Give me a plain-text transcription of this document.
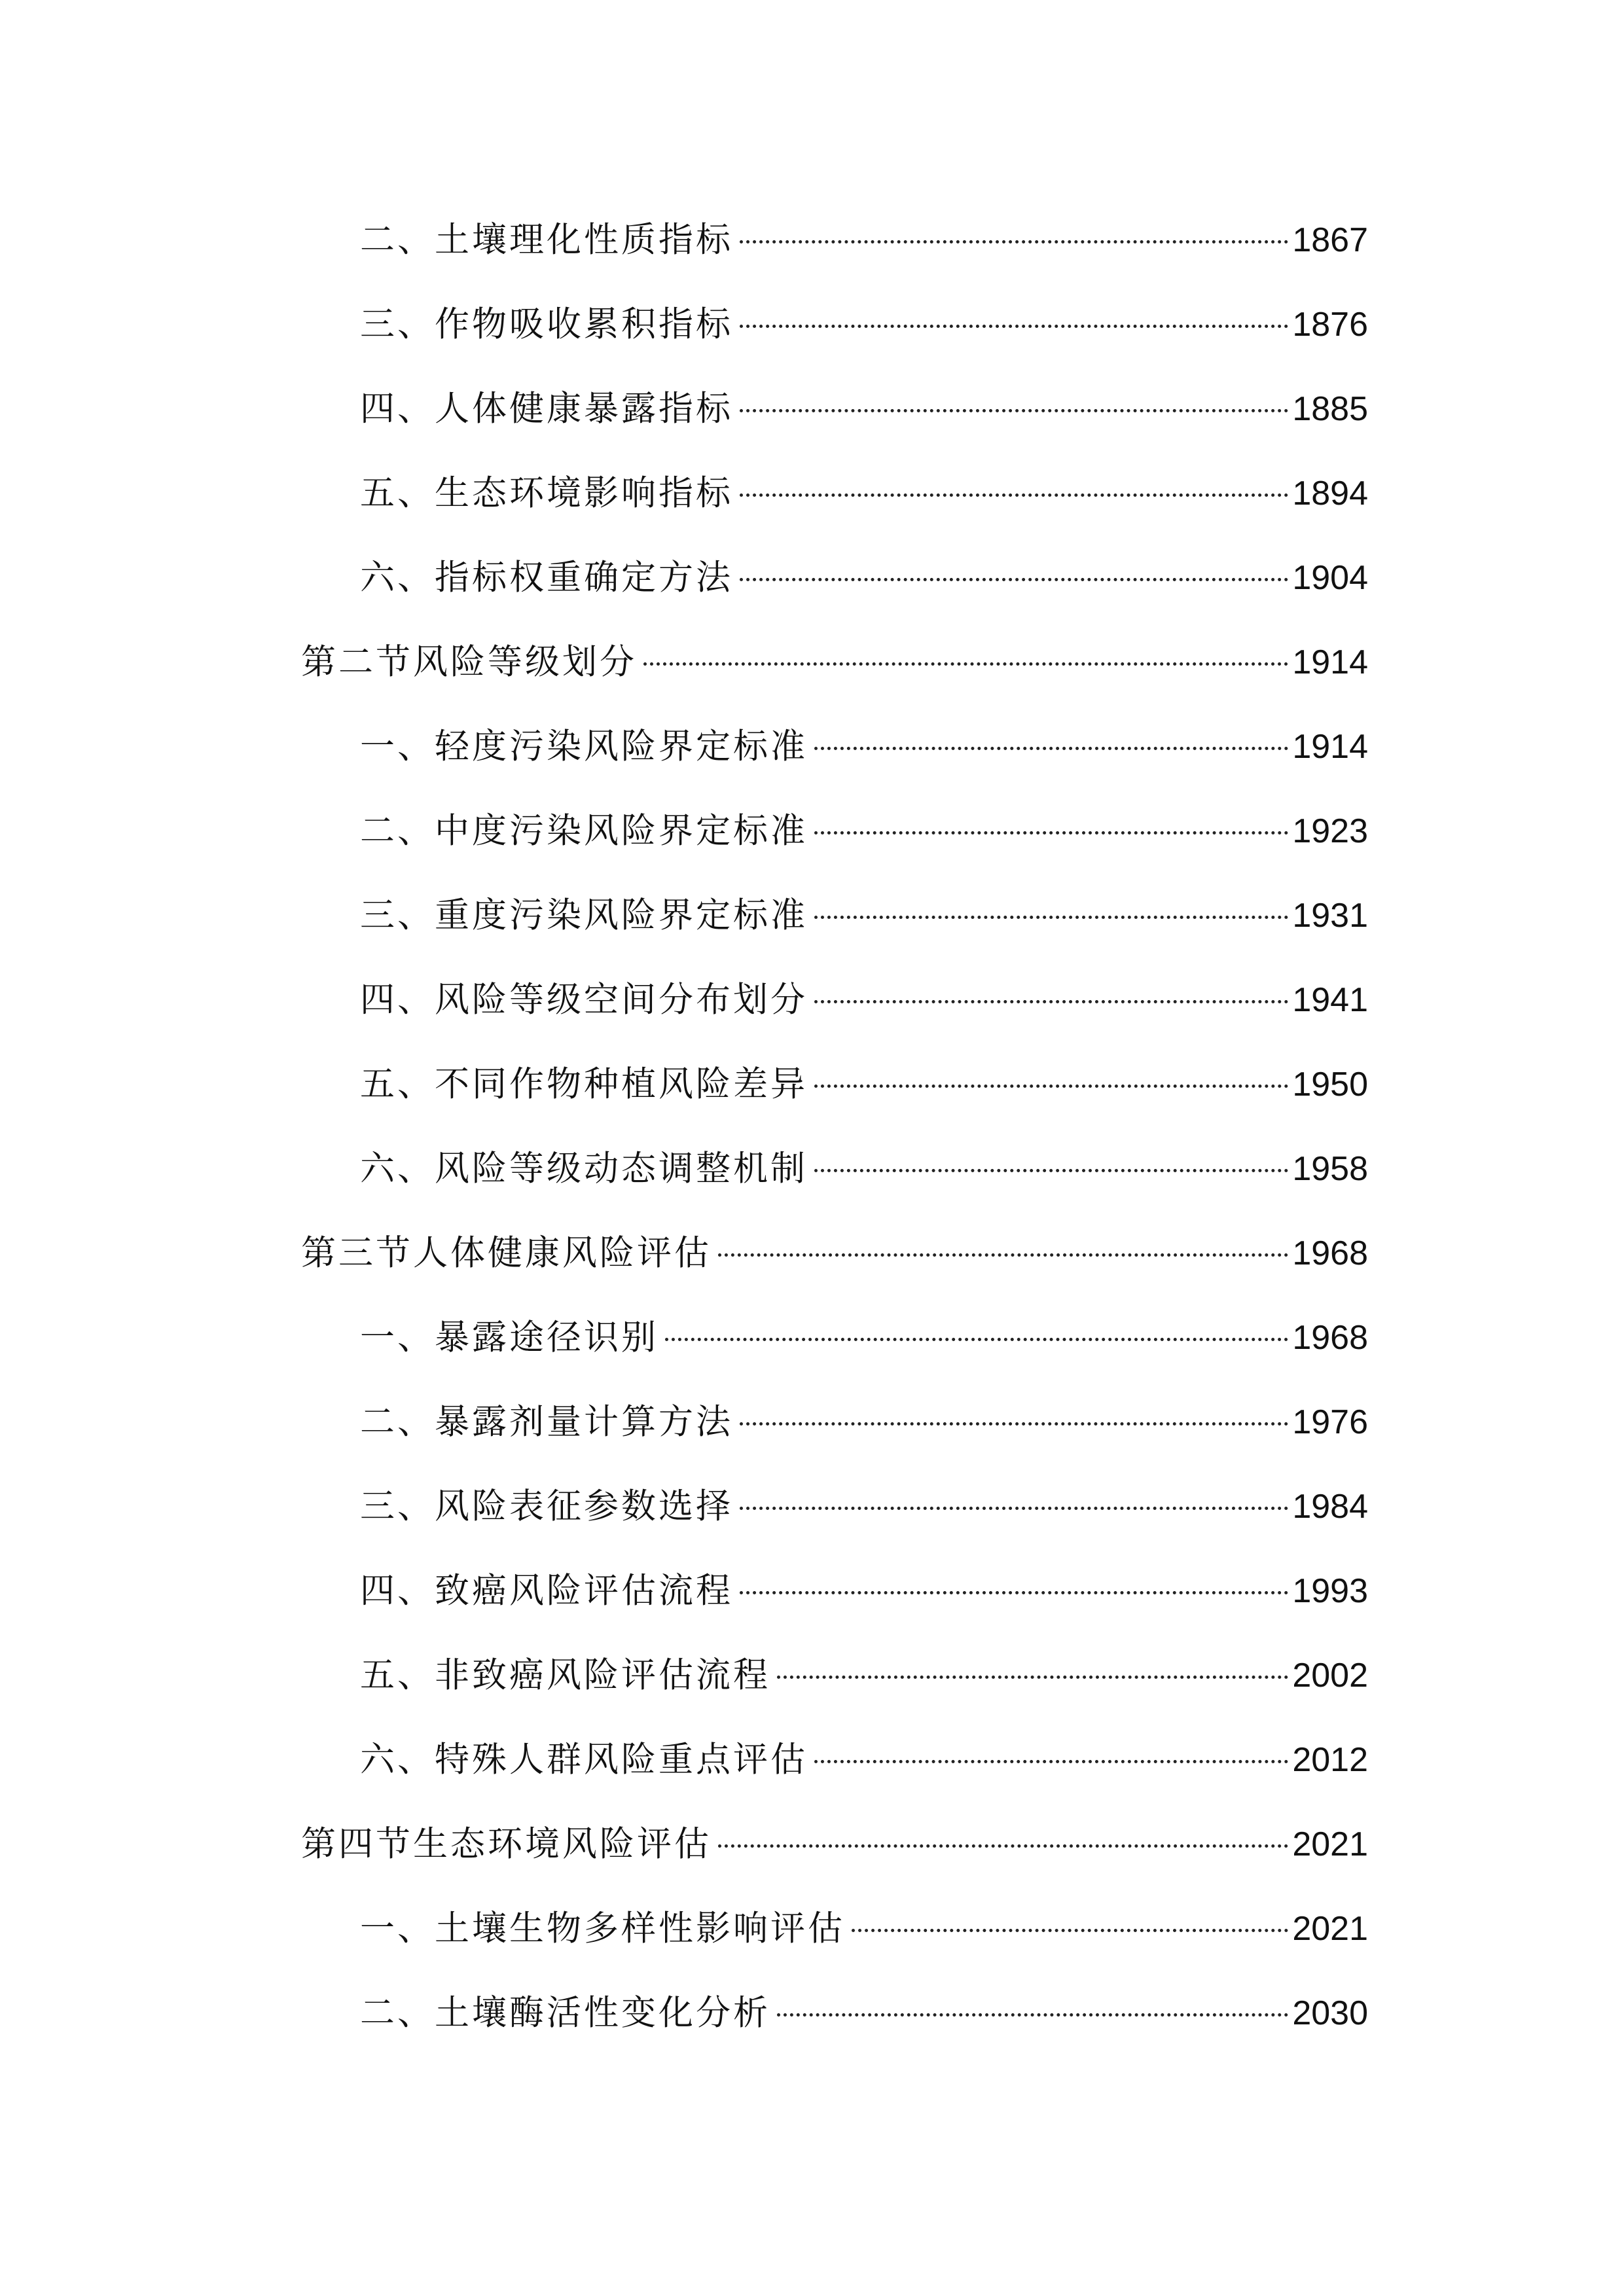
二、土壤理化性质指标	1867
三、作物吸收累积指标	1876
四、人体健康暴露指标	1885
五、生态环境影响指标	1894
六、指标权重确定方法	1904
第二节风险等级划分	1914
一、轻度污染风险界定标准	1914
二、中度污染风险界定标准	1923
三、重度污染风险界定标准	1931
四、风险等级空间分布划分	1941
五、不同作物种植风险差异	1950
六、风险等级动态调整机制	1958
第三节人体健康风险评估	1968
一、暴露途径识别	1968
二、暴露剂量计算方法	1976
三、风险表征参数选择	1984
四、致癌风险评估流程	1993
五、非致癌风险评估流程	2002
六、特殊人群风险重点评估	2012
第四节生态环境风险评估	2021
一、土壤生物多样性影响评估	2021
二、土壤酶活性变化分析	2030
